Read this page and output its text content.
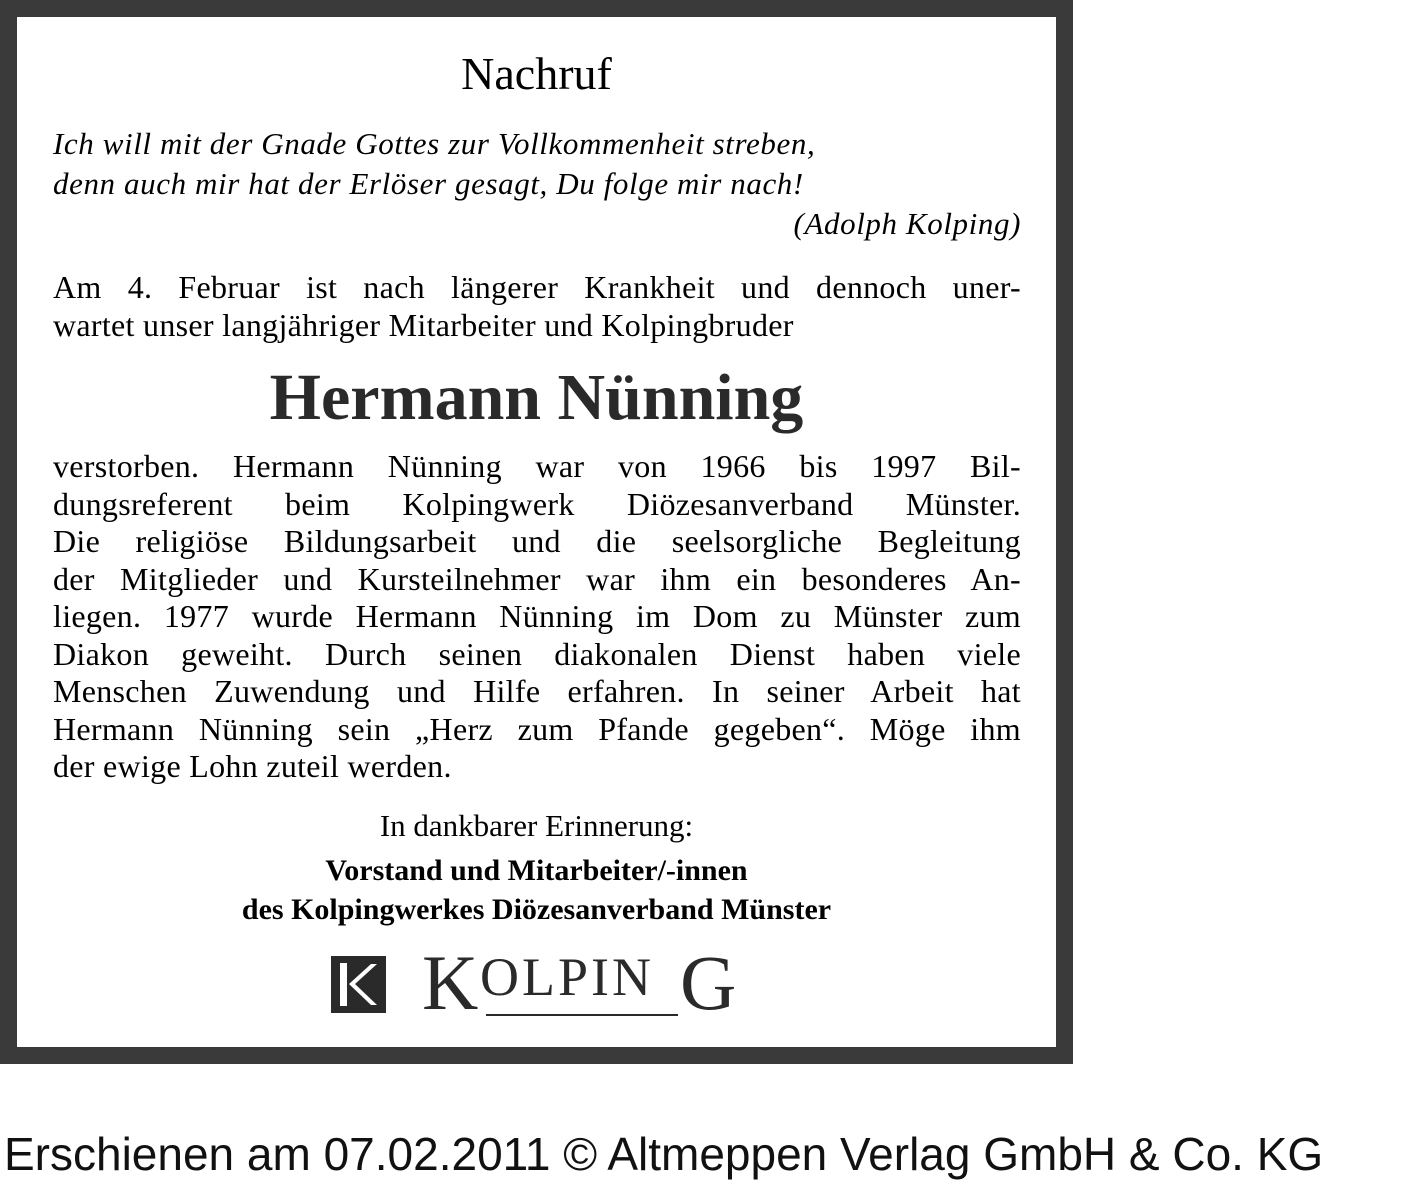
Nachruf
Ich will mit der Gnade Gottes zur Vollkommenheit streben,
denn auch mir hat der Erlöser gesagt, Du folge mir nach!
(Adolph Kolping)
Am 4. Februar ist nach längerer Krankheit und dennoch uner-
wartet unser langjähriger Mitarbeiter und Kolpingbruder
Hermann Nünning
verstorben. Hermann Nünning war von 1966 bis 1997 Bil-
dungsreferent beim Kolpingwerk Diözesanverband Münster.
Die religiöse Bildungsarbeit und die seelsorgliche Begleitung
der Mitglieder und Kursteilnehmer war ihm ein besonderes An-
liegen. 1977 wurde Hermann Nünning im Dom zu Münster zum
Diakon geweiht. Durch seinen diakonalen Dienst haben viele
Menschen Zuwendung und Hilfe erfahren. In seiner Arbeit hat
Hermann Nünning sein „Herz zum Pfande gegeben“. Möge ihm
der ewige Lohn zuteil werden.
In dankbarer Erinnerung:
Vorstand und Mitarbeiter/-innen
des Kolpingwerkes Diözesanverband Münster
K OLPIN G
Erschienen am 07.02.2011 © Altmeppen Verlag GmbH & Co. KG
